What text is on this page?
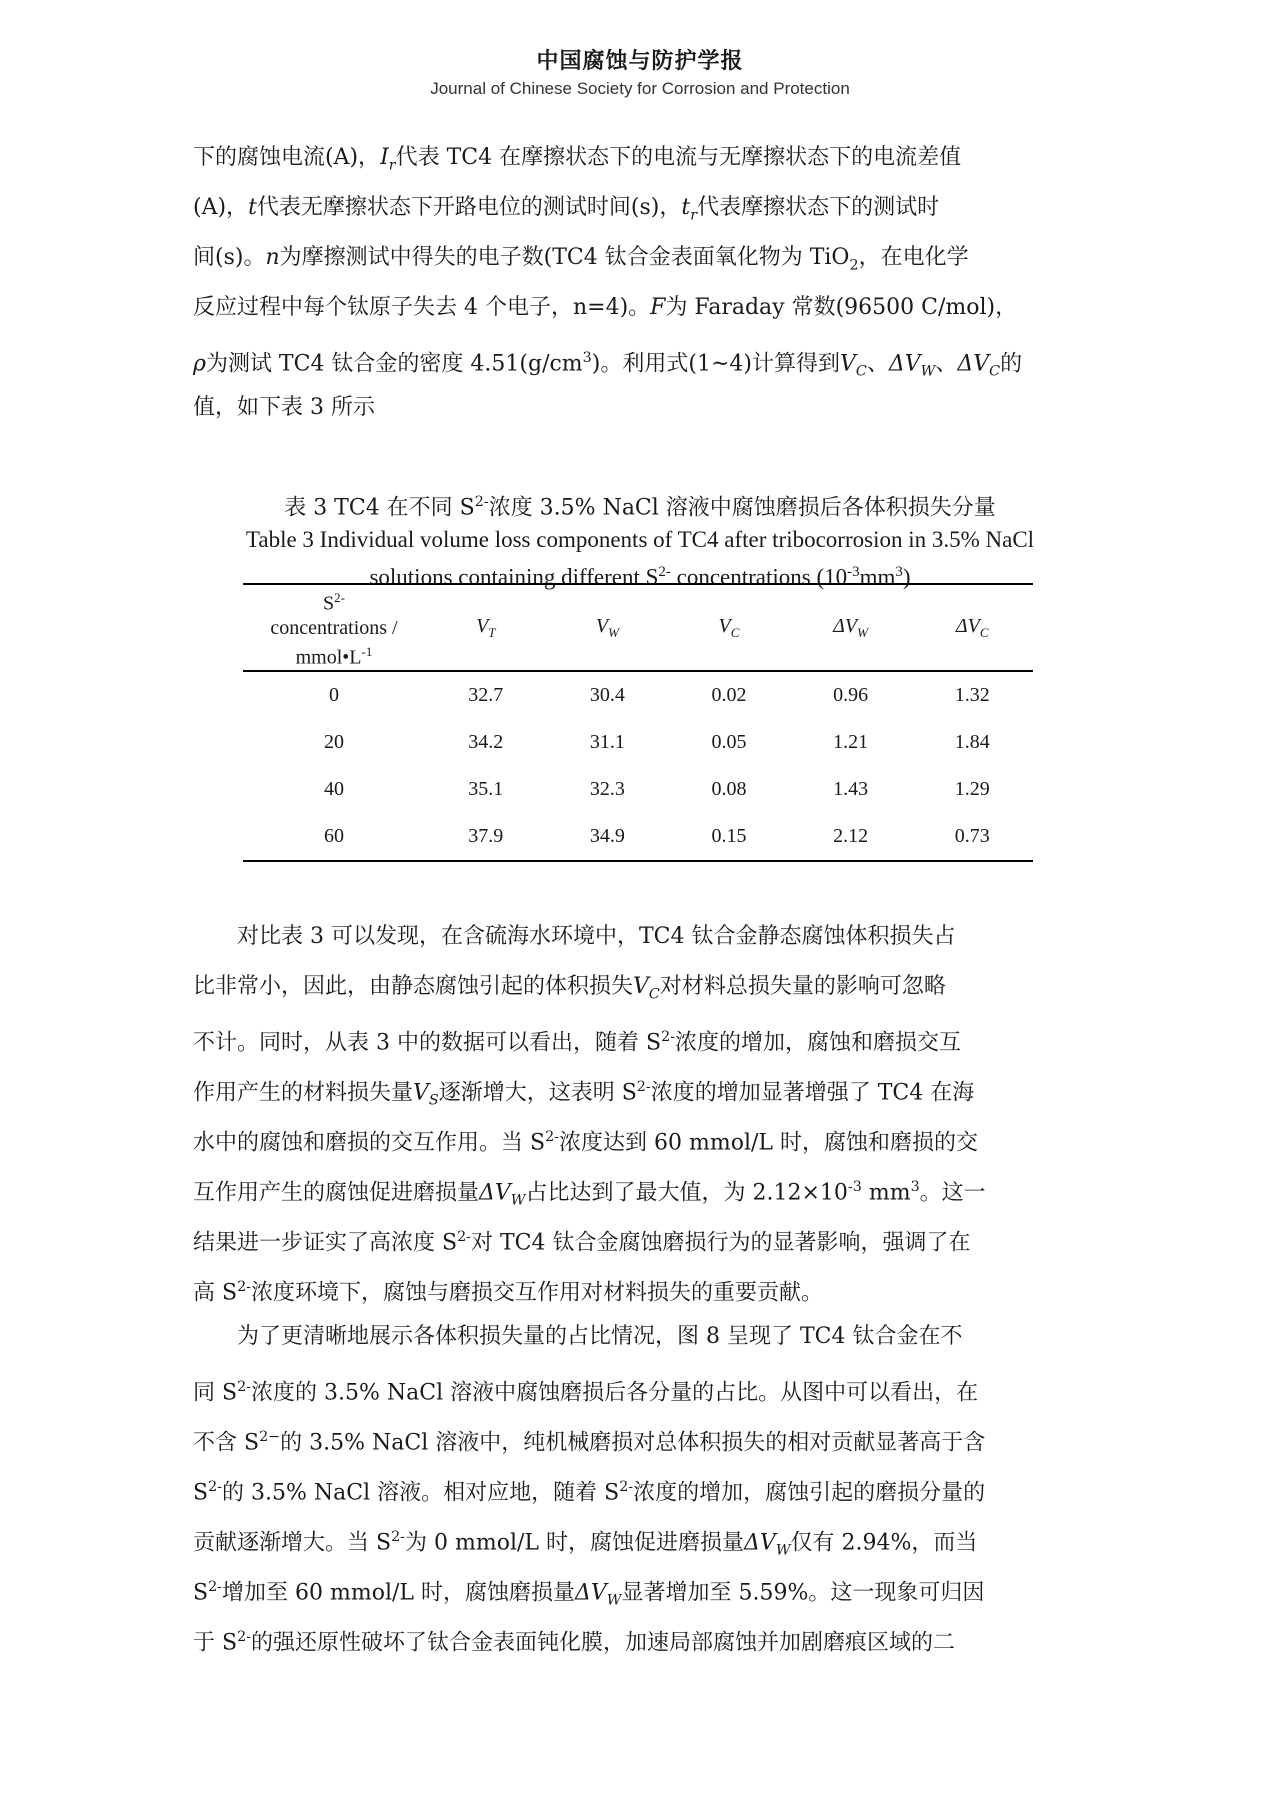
中国腐蚀与防护学报
Journal of Chinese Society for Corrosion and Protection
下的腐蚀电流(A)，$I_r$代表 TC4 在摩擦状态下的电流与无摩擦状态下的电流差值
(A)，t代表无摩擦状态下开路电位的测试时间(s)，$t_r$代表摩擦状态下的测试时
间(s)。n为摩擦测试中得失的电子数(TC4 钛合金表面氧化物为 TiO$_2$，在电化学
反应过程中每个钛原子失去 4 个电子，n=4)。F为 Faraday 常数(96500 C/mol)，
ρ为测试 TC4 钛合金的密度 $4.51(g/cm^3)$。利用式(1~4)计算得到$V_C$、$\Delta V_W$、$\Delta V_C$的
值，如下表 3 所示
表 3 TC4 在不同 $S^{2-}$浓度 3.5% NaCl 溶液中腐蚀磨损后各体积损失分量
Table 3 Individual volume loss components of TC4 after tribocorrosion in 3.5% NaCl
solutions containing different $S^{2-}$ concentrations $(10^{-3}mm^3)$
$S^{2-}$
concentrations /
$mmol•L^{-1}$	$V_T$	$V_W$	$V_C$	$\Delta V_W$	$\Delta V_C$
0	32.7	30.4	0.02	0.96	1.32
20	34.2	31.1	0.05	1.21	1.84
40	35.1	32.3	0.08	1.43	1.29
60	37.9	34.9	0.15	2.12	0.73
对比表 3 可以发现，在含硫海水环境中，TC4 钛合金静态腐蚀体积损失占
比非常小，因此，由静态腐蚀引起的体积损失$V_C$对材料总损失量的影响可忽略
不计。同时，从表 3 中的数据可以看出，随着 $S^{2-}$浓度的增加，腐蚀和磨损交互
作用产生的材料损失量$V_S$逐渐增大，这表明 $S^{2-}$浓度的增加显著增强了 TC4 在海
水中的腐蚀和磨损的交互作用。当 $S^{2-}$浓度达到 60 mmol/L 时，腐蚀和磨损的交
互作用产生的腐蚀促进磨损量$\Delta V_W$占比达到了最大值，为 $2.12\times 10^{-3}$ $mm^3$。这一
结果进一步证实了高浓度 $S^{2-}$对 TC4 钛合金腐蚀磨损行为的显著影响，强调了在
高 $S^{2-}$浓度环境下，腐蚀与磨损交互作用对材料损失的重要贡献。
为了更清晰地展示各体积损失量的占比情况，图 8 呈现了 TC4 钛合金在不
同 $S^{2-}$浓度的 3.5% NaCl 溶液中腐蚀磨损后各分量的占比。从图中可以看出，在
不含 $S^{2-}$的 3.5% NaCl 溶液中，纯机械磨损对总体积损失的相对贡献显著高于含
$S^{2-}$的 3.5% NaCl 溶液。相对应地，随着 $S^{2-}$浓度的增加，腐蚀引起的磨损分量的
贡献逐渐增大。当 $S^{2-}$为 0 mmol/L 时，腐蚀促进磨损量$\Delta V_W$仅有 2.94%，而当
$S^{2-}$增加至 60 mmol/L 时，腐蚀磨损量$\Delta V_W$显著增加至 5.59%。这一现象可归因
于 $S^{2-}$的强还原性破坏了钛合金表面钝化膜，加速局部腐蚀并加剧磨痕区域的二
